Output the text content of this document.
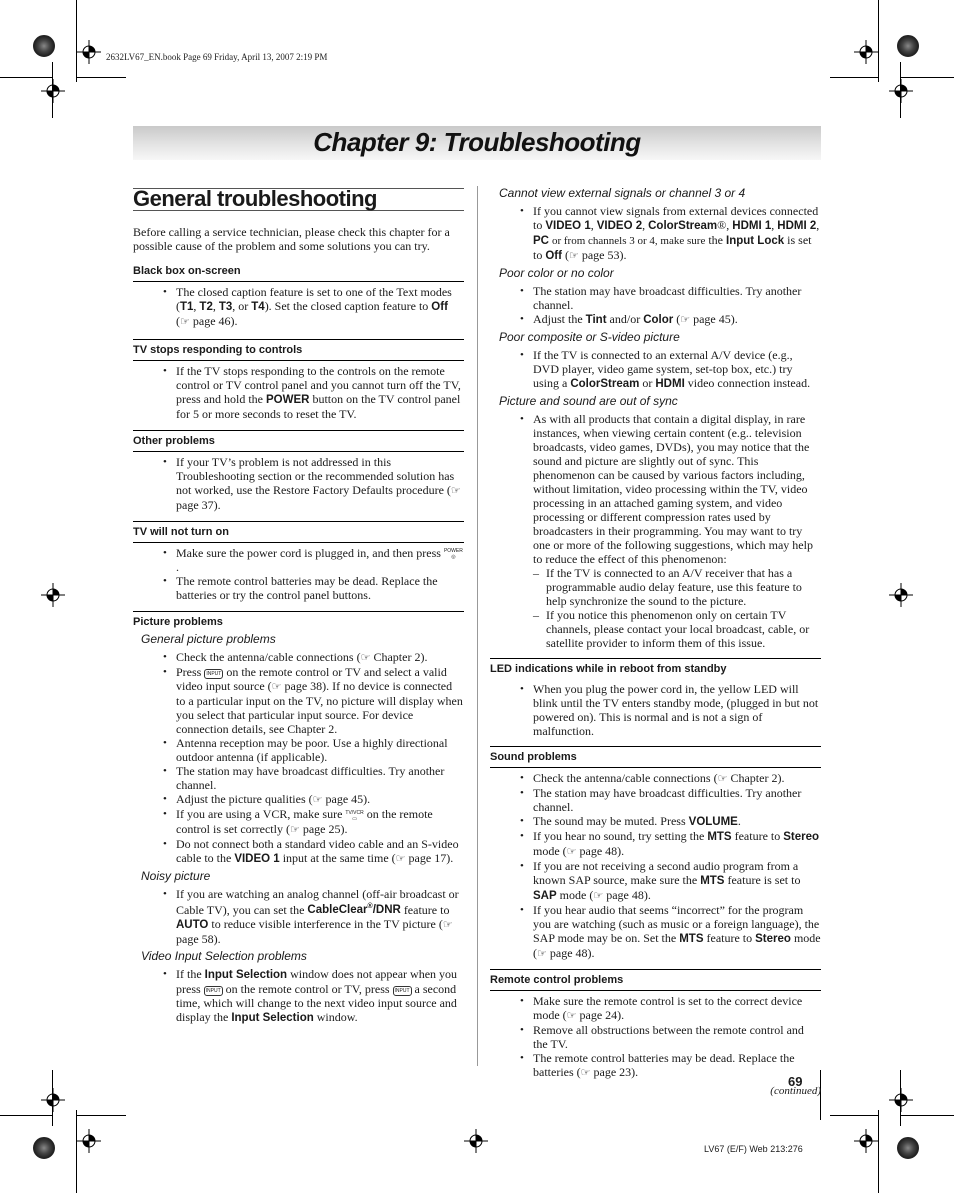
2632LV67_EN.book Page 69 Friday, April 13, 2007 2:19 PM
Chapter 9: Troubleshooting
General troubleshooting

Before calling a service technician, please check this chapter for a possible cause of the problem and some solutions you can try.

Black box on-screen
• The closed caption feature is set to one of the Text modes (T1, T2, T3, or T4). Set the closed caption feature to Off (☞ page 46).
TV stops responding to controls
• If the TV stops responding to the controls on the remote control or TV control panel and you cannot turn off the TV, press and hold the POWER button on the TV control panel for 5 or more seconds to reset the TV.
Other problems
• If your TV’s problem is not addressed in this Troubleshooting section or the recommended solution has not worked, use the Restore Factory Defaults procedure (☞ page 37).
TV will not turn on
• Make sure the power cord is plugged in, and then press POWER
◎.
• The remote control batteries may be dead. Replace the batteries or try the control panel buttons.
Picture problems
General picture problems
• Check the antenna/cable connections (☞ Chapter 2).
• Press INPUT on the remote control or TV and select a valid video input source (☞ page 38). If no device is connected to a particular input on the TV, no picture will display when you select that particular input source. For device connection details, see Chapter 2.
• Antenna reception may be poor. Use a highly directional outdoor antenna (if applicable).
• The station may have broadcast difficulties. Try another channel.
• Adjust the picture qualities (☞ page 45).
• If you are using a VCR, make sure TV/VCR
▭ on the remote control is set correctly (☞ page 25).
• Do not connect both a standard video cable and an S-video cable to the VIDEO 1 input at the same time (☞ page 17).
Noisy picture
• If you are watching an analog channel (off-air broadcast or Cable TV), you can set the CableClear®/DNR feature to AUTO to reduce visible interference in the TV picture (☞ page 58).
Video Input Selection problems
• If the Input Selection window does not appear when you press INPUT on the remote control or TV, press INPUT a second time, which will change to the next video input source and display the Input Selection window.
Cannot view external signals or channel 3 or 4
• If you cannot view signals from external devices connected to VIDEO 1, VIDEO 2, ColorStream®, HDMI 1, HDMI 2, PC or from channels 3 or 4, make sure the Input Lock is set to Off (☞ page 53).
Poor color or no color
• The station may have broadcast difficulties. Try another channel.
• Adjust the Tint and/or Color (☞ page 45).
Poor composite or S-video picture
• If the TV is connected to an external A/V device (e.g., DVD player, video game system, set-top box, etc.) try using a ColorStream or HDMI video connection instead.
Picture and sound are out of sync
• As with all products that contain a digital display, in rare instances, when viewing certain content (e.g.. television broadcasts, video games, DVDs), you may notice that the sound and picture are slightly out of sync. This phenomenon can be caused by various factors including, without limitation, video processing within the TV, video processing in an attached gaming system, and video processing or different compression rates used by broadcasters in their programming. You may want to try one or more of the following suggestions, which may help to reduce the effect of this phenomenon:
– If the TV is connected to an A/V receiver that has a programmable audio delay feature, use this feature to help synchronize the sound to the picture.
– If you notice this phenomenon only on certain TV channels, please contact your local broadcast, cable, or satellite provider to inform them of this issue.
LED indications while in reboot from standby
• When you plug the power cord in, the yellow LED will blink until the TV enters standby mode, (plugged in but not powered on). This is normal and is not a sign of malfunction.
Sound problems
• Check the antenna/cable connections (☞ Chapter 2).
• The station may have broadcast difficulties. Try another channel.
• The sound may be muted. Press VOLUME.
• If you hear no sound, try setting the MTS feature to Stereo mode (☞ page 48).
• If you are not receiving a second audio program from a known SAP source, make sure the MTS feature is set to SAP mode (☞ page 48).
• If you hear audio that seems “incorrect” for the program you are watching (such as music or a foreign language), the SAP mode may be on. Set the MTS feature to Stereo mode (☞ page 48).
Remote control problems
• Make sure the remote control is set to the correct device mode (☞ page 24).
• Remove all obstructions between the remote control and the TV.
• The remote control batteries may be dead. Replace the batteries (☞ page 23).
(continued)
69
LV67 (E/F) Web 213:276
